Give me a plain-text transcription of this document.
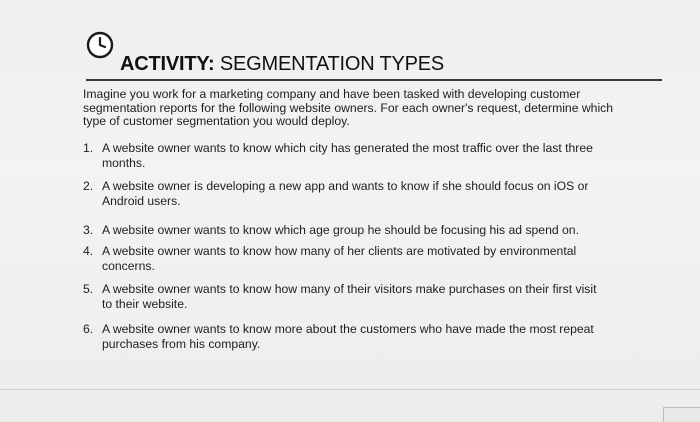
ACTIVITY: SEGMENTATION TYPES
Imagine you work for a marketing company and have been tasked with developing customer
segmentation reports for the following website owners. For each owner's request, determine which
type of customer segmentation you would deploy.
1. A website owner wants to know which city has generated the most traffic over the last three
months.
2. A website owner is developing a new app and wants to know if she should focus on iOS or
Android users.
3. A website owner wants to know which age group he should be focusing his ad spend on.
4. A website owner wants to know how many of her clients are motivated by environmental
concerns.
5. A website owner wants to know how many of their visitors make purchases on their first visit
to their website.
6. A website owner wants to know more about the customers who have made the most repeat
purchases from his company.
